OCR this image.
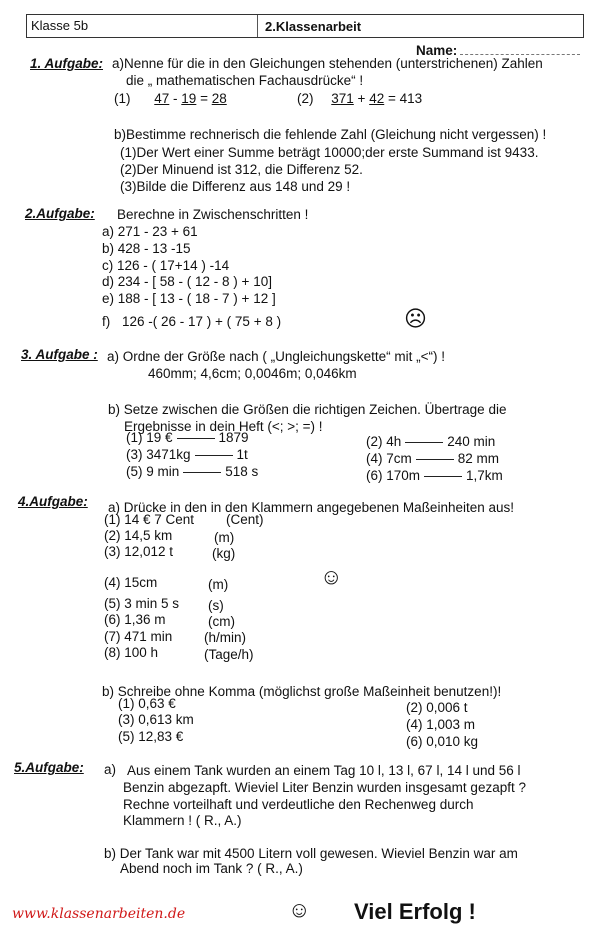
Klasse 5b	2.Klassenarbeit
Name:
1. Aufgabe: a)Nenne für die in den Gleichungen stehenden (unterstrichenen) Zahlen
die „ mathematischen Fachausdrücke“ !
(1) 47 - 19 = 28	(2) 371 + 42 = 413
b)Bestimme rechnerisch die fehlende Zahl (Gleichung nicht vergessen) !
(1)Der Wert einer Summe beträgt 10000;der erste Summand ist 9433.
(2)Der Minuend ist 312, die Differenz 52.
(3)Bilde die Differenz aus 148 und 29 !
2.Aufgabe: Berechne in Zwischenschritten !
a) 271 - 23 + 61
b) 428 - 13 -15
c) 126 - ( 17+14 ) -14
d) 234 - [ 58 - ( 12 - 8 ) + 10]
e) 188 - [ 13 - ( 18 - 7 ) + 12 ]
f) 126 -( 26 - 17 ) + ( 75 + 8 )	☹
3. Aufgabe : a) Ordne der Größe nach ( „Ungleichungskette“ mit „<“) !
460mm; 4,6cm; 0,0046m; 0,046km
b) Setze zwischen die Größen die richtigen Zeichen. Übertrage die
Ergebnisse in dein Heft (<; >; =) !
(1) 19 €	1879
(3) 3471kg	1t
(5) 9 min	518 s
(2) 4h	240 min
(4) 7cm	82 mm
(6) 170m	1,7km
4.Aufgabe: a) Drücke in den in den Klammern angegebenen Maßeinheiten aus!
(1) 14 € 7 Cent (Cent)
(2) 14,5 km	(m)
(3) 12,012 t	(kg)
(4) 15cm	(m)
(5) 3 min 5 s (s)
(6) 1,36 m	(cm)
(7) 471 min (h/min)
(8) 100 h	(Tage/h)
☺
b) Schreibe ohne Komma (möglichst große Maßeinheit benutzen!)!
(1) 0,63 €
(3) 0,613 km
(5) 12,83 €
(2) 0,006 t
(4) 1,003 m
(6) 0,010 kg
5.Aufgabe: a) Aus einem Tank wurden an einem Tag 10 l, 13 l, 67 l, 14 l und 56 l
Benzin abgezapft. Wieviel Liter Benzin wurden insgesamt gezapft ?
Rechne vorteilhaft und verdeutliche den Rechenweg durch
Klammern ! ( R., A.)
b) Der Tank war mit 4500 Litern voll gewesen. Wieviel Benzin war am
Abend noch im Tank ? ( R., A.)
www.klassenarbeiten.de	☺ Viel Erfolg !
